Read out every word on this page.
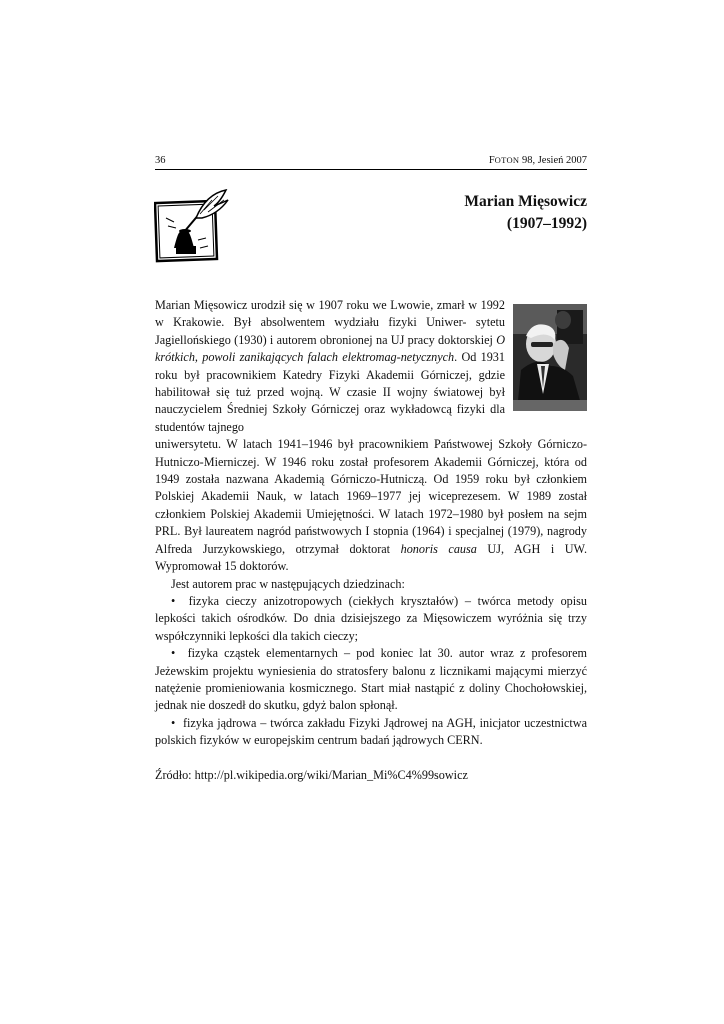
36	FOTON 98, Jesień 2007
Marian Mięsowicz
(1907–1992)

Marian Mięsowicz urodził się w 1907 roku we Lwowie, zmarł w 1992 w Krakowie. Był absolwentem wydziału fizyki Uniwer- sytetu Jagiellońskiego (1930) i autorem obronionej na UJ pracy doktorskiej O krótkich, powoli zanikających falach elektromag-netycznych. Od 1931 roku był pracownikiem Katedry Fizyki Akademii Górniczej, gdzie habilitował się tuż przed wojną. W czasie II wojny światowej był nauczycielem Średniej Szkoły Górniczej oraz wykładowcą fizyki dla studentów tajnego

uniwersytetu. W latach 1941–1946 był pracownikiem Państwowej Szkoły Górniczo-Hutniczo-Mierniczej. W 1946 roku został profesorem Akademii Górniczej, która od 1949 została nazwana Akademią Górniczo-Hutniczą. Od 1959 roku był członkiem Polskiej Akademii Nauk, w latach 1969–1977 jej wiceprezesem. W 1989 został członkiem Polskiej Akademii Umiejętności. W latach 1972–1980 był posłem na sejm PRL. Był laureatem nagród państwowych I stopnia (1964) i specjalnej (1979), nagrody Alfreda Jurzykowskiego, otrzymał doktorat honoris causa UJ, AGH i UW. Wypromował 15 doktorów.

Jest autorem prac w następujących dziedzinach:

• fizyka cieczy anizotropowych (ciekłych kryształów) – twórca metody opisu lepkości takich ośrodków. Do dnia dzisiejszego za Mięsowiczem wyróżnia się trzy współczynniki lepkości dla takich cieczy;

• fizyka cząstek elementarnych – pod koniec lat 30. autor wraz z profesorem Jeżewskim projektu wyniesienia do stratosfery balonu z licznikami mającymi mierzyć natężenie promieniowania kosmicznego. Start miał nastąpić z doliny Chochołowskiej, jednak nie doszedł do skutku, gdyż balon spłonął.

• fizyka jądrowa – twórca zakładu Fizyki Jądrowej na AGH, inicjator uczestnictwa polskich fizyków w europejskim centrum badań jądrowych CERN.

Źródło: http://pl.wikipedia.org/wiki/Marian_Mi%C4%99sowicz
